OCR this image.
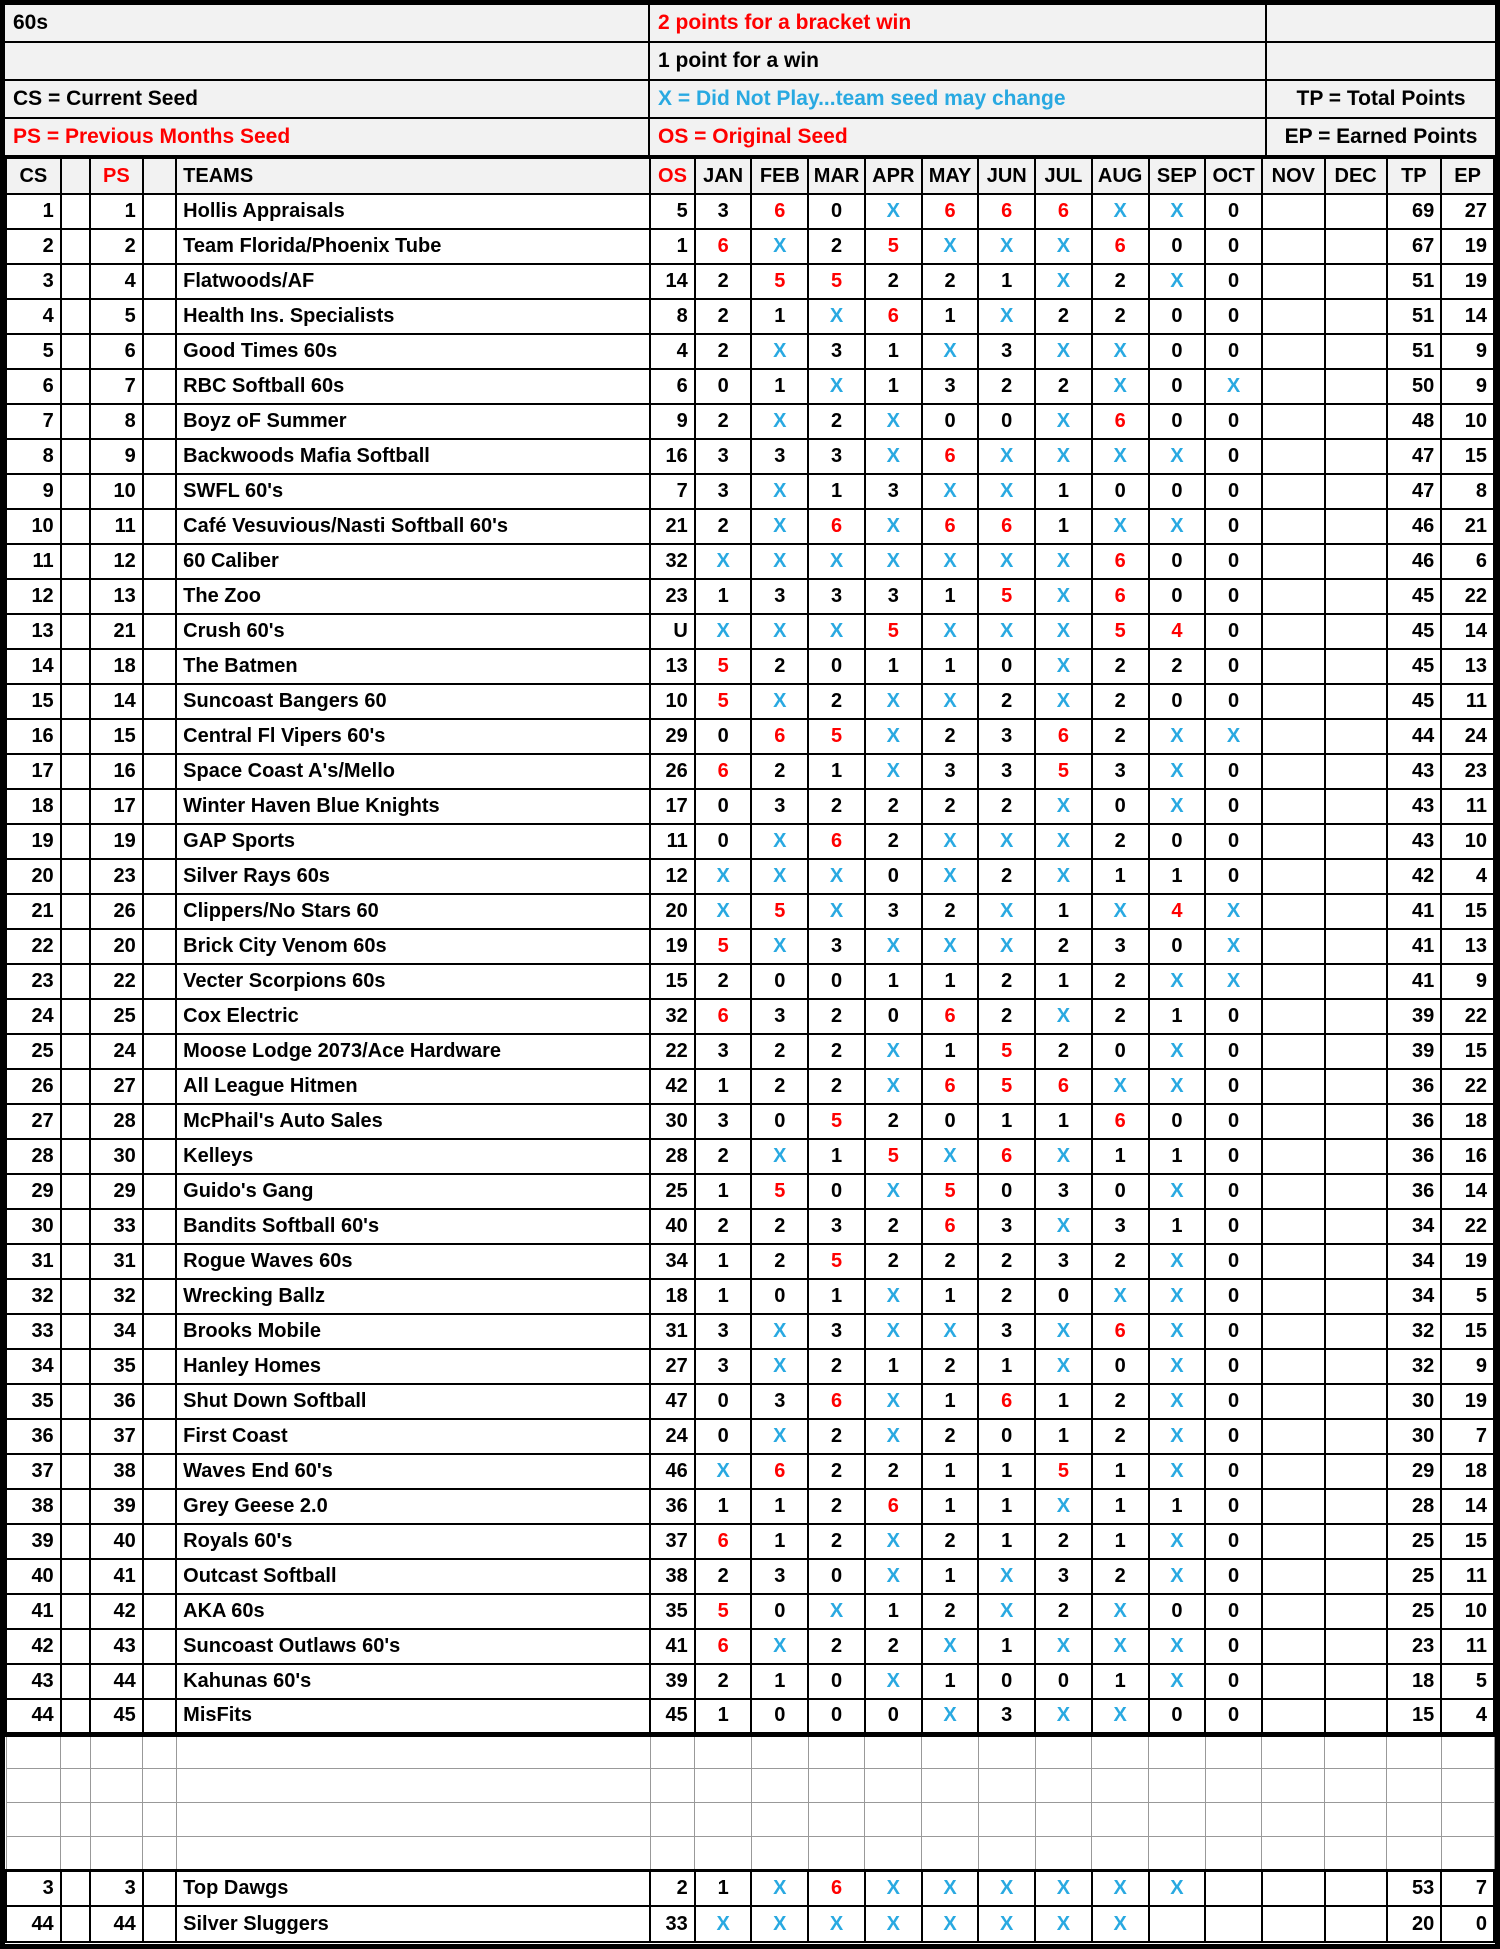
60s	2 points for a bracket win
1 point for a win
CS = Current Seed	X = Did Not Play...team seed may change	TP = Total Points
PS = Previous Months Seed	OS = Original Seed	EP = Earned Points
CS		PS		TEAMS	OS	JAN	FEB	MAR	APR	MAY	JUN	JUL	AUG	SEP	OCT	NOV	DEC	TP	EP
1		1		Hollis Appraisals	5	3	6	0	X	6	6	6	X	X	0			69	27
2		2		Team Florida/Phoenix Tube	1	6	X	2	5	X	X	X	6	0	0			67	19
3		4		Flatwoods/AF	14	2	5	5	2	2	1	X	2	X	0			51	19
4		5		Health Ins. Specialists	8	2	1	X	6	1	X	2	2	0	0			51	14
5		6		Good Times 60s	4	2	X	3	1	X	3	X	X	0	0			51	9
6		7		RBC Softball 60s	6	0	1	X	1	3	2	2	X	0	X			50	9
7		8		Boyz oF Summer	9	2	X	2	X	0	0	X	6	0	0			48	10
8		9		Backwoods Mafia Softball	16	3	3	3	X	6	X	X	X	X	0			47	15
9		10		SWFL 60's	7	3	X	1	3	X	X	1	0	0	0			47	8
10		11		Café Vesuvious/Nasti Softball 60's	21	2	X	6	X	6	6	1	X	X	0			46	21
11		12		60 Caliber	32	X	X	X	X	X	X	X	6	0	0			46	6
12		13		The Zoo	23	1	3	3	3	1	5	X	6	0	0			45	22
13		21		Crush 60's	U	X	X	X	5	X	X	X	5	4	0			45	14
14		18		The Batmen	13	5	2	0	1	1	0	X	2	2	0			45	13
15		14		Suncoast Bangers 60	10	5	X	2	X	X	2	X	2	0	0			45	11
16		15		Central Fl Vipers 60's	29	0	6	5	X	2	3	6	2	X	X			44	24
17		16		Space Coast A's/Mello	26	6	2	1	X	3	3	5	3	X	0			43	23
18		17		Winter Haven Blue Knights	17	0	3	2	2	2	2	X	0	X	0			43	11
19		19		GAP Sports	11	0	X	6	2	X	X	X	2	0	0			43	10
20		23		Silver Rays 60s	12	X	X	X	0	X	2	X	1	1	0			42	4
21		26		Clippers/No Stars 60	20	X	5	X	3	2	X	1	X	4	X			41	15
22		20		Brick City Venom 60s	19	5	X	3	X	X	X	2	3	0	X			41	13
23		22		Vecter Scorpions 60s	15	2	0	0	1	1	2	1	2	X	X			41	9
24		25		Cox Electric	32	6	3	2	0	6	2	X	2	1	0			39	22
25		24		Moose Lodge 2073/Ace Hardware	22	3	2	2	X	1	5	2	0	X	0			39	15
26		27		All League Hitmen	42	1	2	2	X	6	5	6	X	X	0			36	22
27		28		McPhail's Auto Sales	30	3	0	5	2	0	1	1	6	0	0			36	18
28		30		Kelleys	28	2	X	1	5	X	6	X	1	1	0			36	16
29		29		Guido's Gang	25	1	5	0	X	5	0	3	0	X	0			36	14
30		33		Bandits Softball 60's	40	2	2	3	2	6	3	X	3	1	0			34	22
31		31		Rogue Waves 60s	34	1	2	5	2	2	2	3	2	X	0			34	19
32		32		Wrecking Ballz	18	1	0	1	X	1	2	0	X	X	0			34	5
33		34		Brooks Mobile	31	3	X	3	X	X	3	X	6	X	0			32	15
34		35		Hanley Homes	27	3	X	2	1	2	1	X	0	X	0			32	9
35		36		Shut Down Softball	47	0	3	6	X	1	6	1	2	X	0			30	19
36		37		First Coast	24	0	X	2	X	2	0	1	2	X	0			30	7
37		38		Waves End 60's	46	X	6	2	2	1	1	5	1	X	0			29	18
38		39		Grey Geese 2.0	36	1	1	2	6	1	1	X	1	1	0			28	14
39		40		Royals 60's	37	6	1	2	X	2	1	2	1	X	0			25	15
40		41		Outcast Softball	38	2	3	0	X	1	X	3	2	X	0			25	11
41		42		AKA 60s	35	5	0	X	1	2	X	2	X	0	0			25	10
42		43		Suncoast Outlaws 60's	41	6	X	2	2	X	1	X	X	X	0			23	11
43		44		Kahunas 60's	39	2	1	0	X	1	0	0	1	X	0			18	5
44		45		MisFits	45	1	0	0	0	X	3	X	X	0	0			15	4

3		3		Top Dawgs	2	1	X	6	X	X	X	X	X	X				53	7
44		44		Silver Sluggers	33	X	X	X	X	X	X	X	X					20	0
